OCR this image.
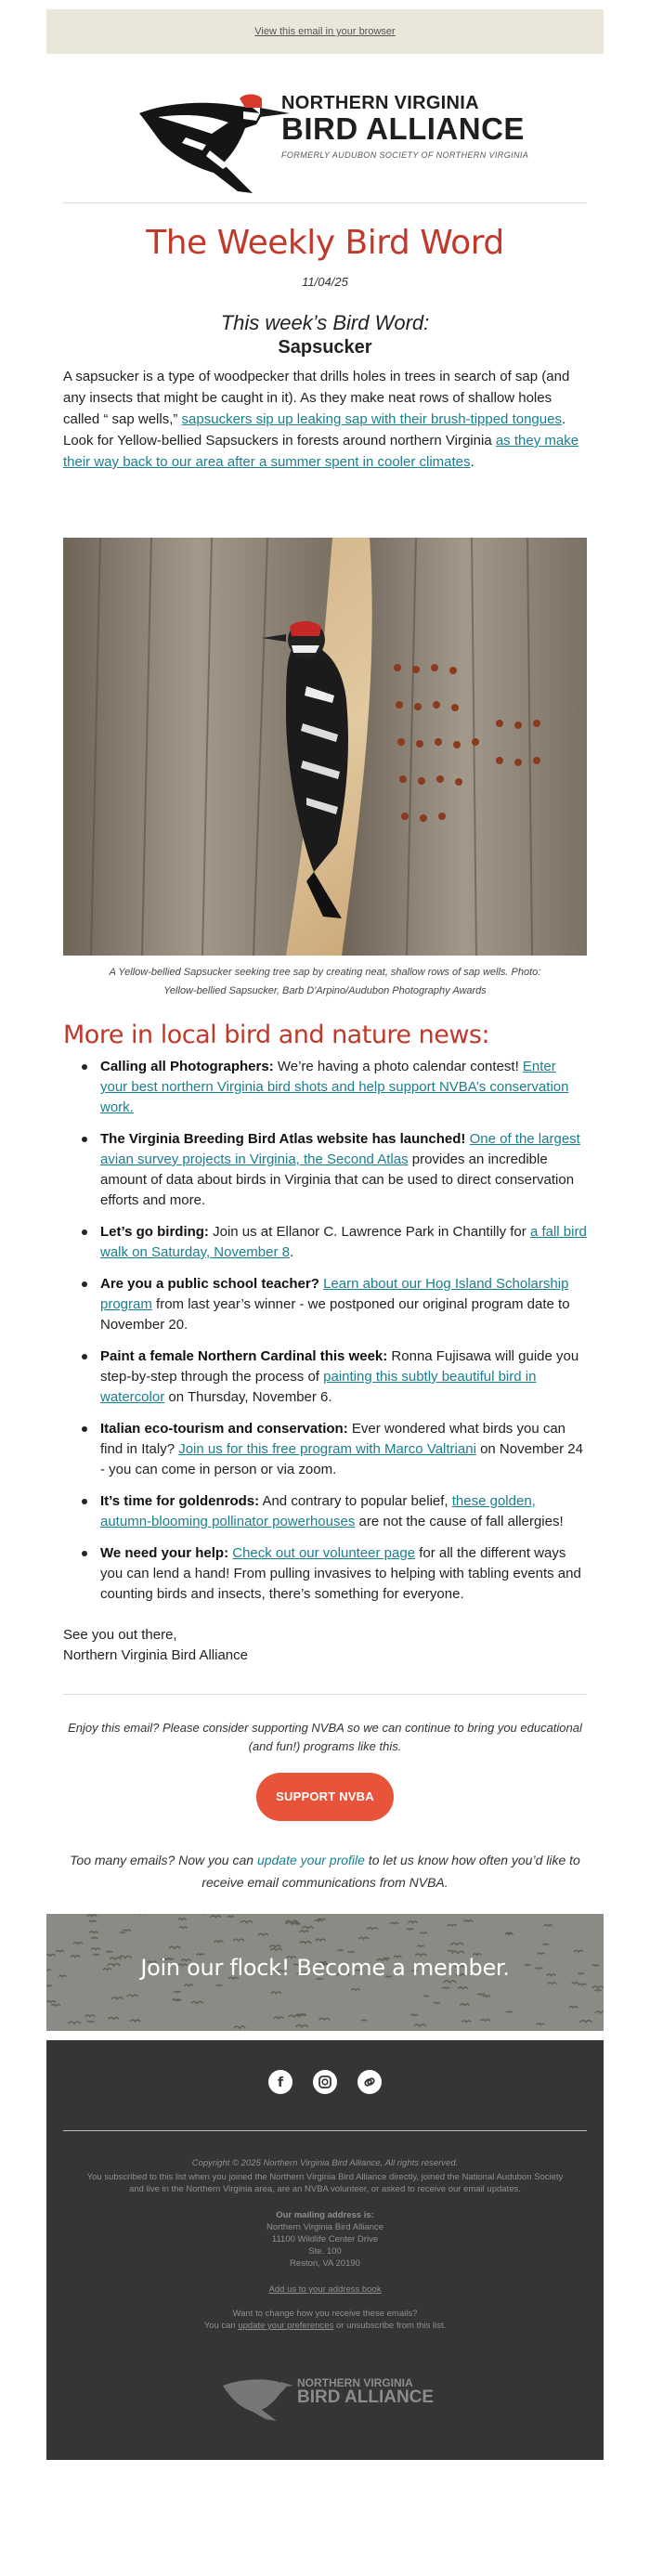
View this email in your browser
NORTHERN VIRGINIA
BIRD ALLIANCE
FORMERLY AUDUBON SOCIETY OF NORTHERN VIRGINIA
The Weekly Bird Word
11/04/25
This week’s Bird Word:
Sapsucker
A sapsucker is a type of woodpecker that drills holes in trees in search of sap (and any insects that might be caught in it). As they make neat rows of shallow holes called “ sap wells,” sapsuckers sip up leaking sap with their brush-tipped tongues. Look for Yellow-bellied Sapsuckers in forests around northern Virginia as they make their way back to our area after a summer spent in cooler climates.
A Yellow-bellied Sapsucker seeking tree sap by creating neat, shallow rows of sap wells. Photo:
Yellow-bellied Sapsucker, Barb D'Arpino/Audubon Photography Awards
More in local bird and nature news:
Calling all Photographers: We’re having a photo calendar contest! Enter your best northern Virginia bird shots and help support NVBA’s conservation work.
The Virginia Breeding Bird Atlas website has launched! One of the largest avian survey projects in Virginia, the Second Atlas provides an incredible amount of data about birds in Virginia that can be used to direct conservation efforts and more.
Let’s go birding: Join us at Ellanor C. Lawrence Park in Chantilly for a fall bird walk on Saturday, November 8.
Are you a public school teacher? Learn about our Hog Island Scholarship program from last year’s winner - we postponed our original program date to November 20.
Paint a female Northern Cardinal this week: Ronna Fujisawa will guide you step-by-step through the process of painting this subtly beautiful bird in watercolor on Thursday, November 6.
Italian eco-tourism and conservation: Ever wondered what birds you can find in Italy? Join us for this free program with Marco Valtriani on November 24 - you can come in person or via zoom.
It’s time for goldenrods: And contrary to popular belief, these golden, autumn-blooming pollinator powerhouses are not the cause of fall allergies!
We need your help: Check out our volunteer page for all the different ways you can lend a hand! From pulling invasives to helping with tabling events and counting birds and insects, there’s something for everyone.
See you out there,
Northern Virginia Bird Alliance
Enjoy this email? Please consider supporting NVBA so we can continue to bring you educational (and fun!) programs like this.
SUPPORT NVBA
Too many emails? Now you can update your profile to let us know how often you’d like to receive email communications from NVBA.
Join our flock! Become a member.
f

Copyright © 2025 Northern Virginia Bird Alliance, All rights reserved.
You subscribed to this list when you joined the Northern Virginia Bird Alliance directly, joined the National Audubon Society
and live in the Northern Virginia area, are an NVBA volunteer, or asked to receive our email updates.
Our mailing address is:
Northern Virginia Bird Alliance
11100 Wildlife Center Drive
Ste. 100
Reston, VA 20190
Add us to your address book
Want to change how you receive these emails?
You can update your preferences or unsubscribe from this list.
NORTHERN VIRGINIA
BIRD ALLIANCE
